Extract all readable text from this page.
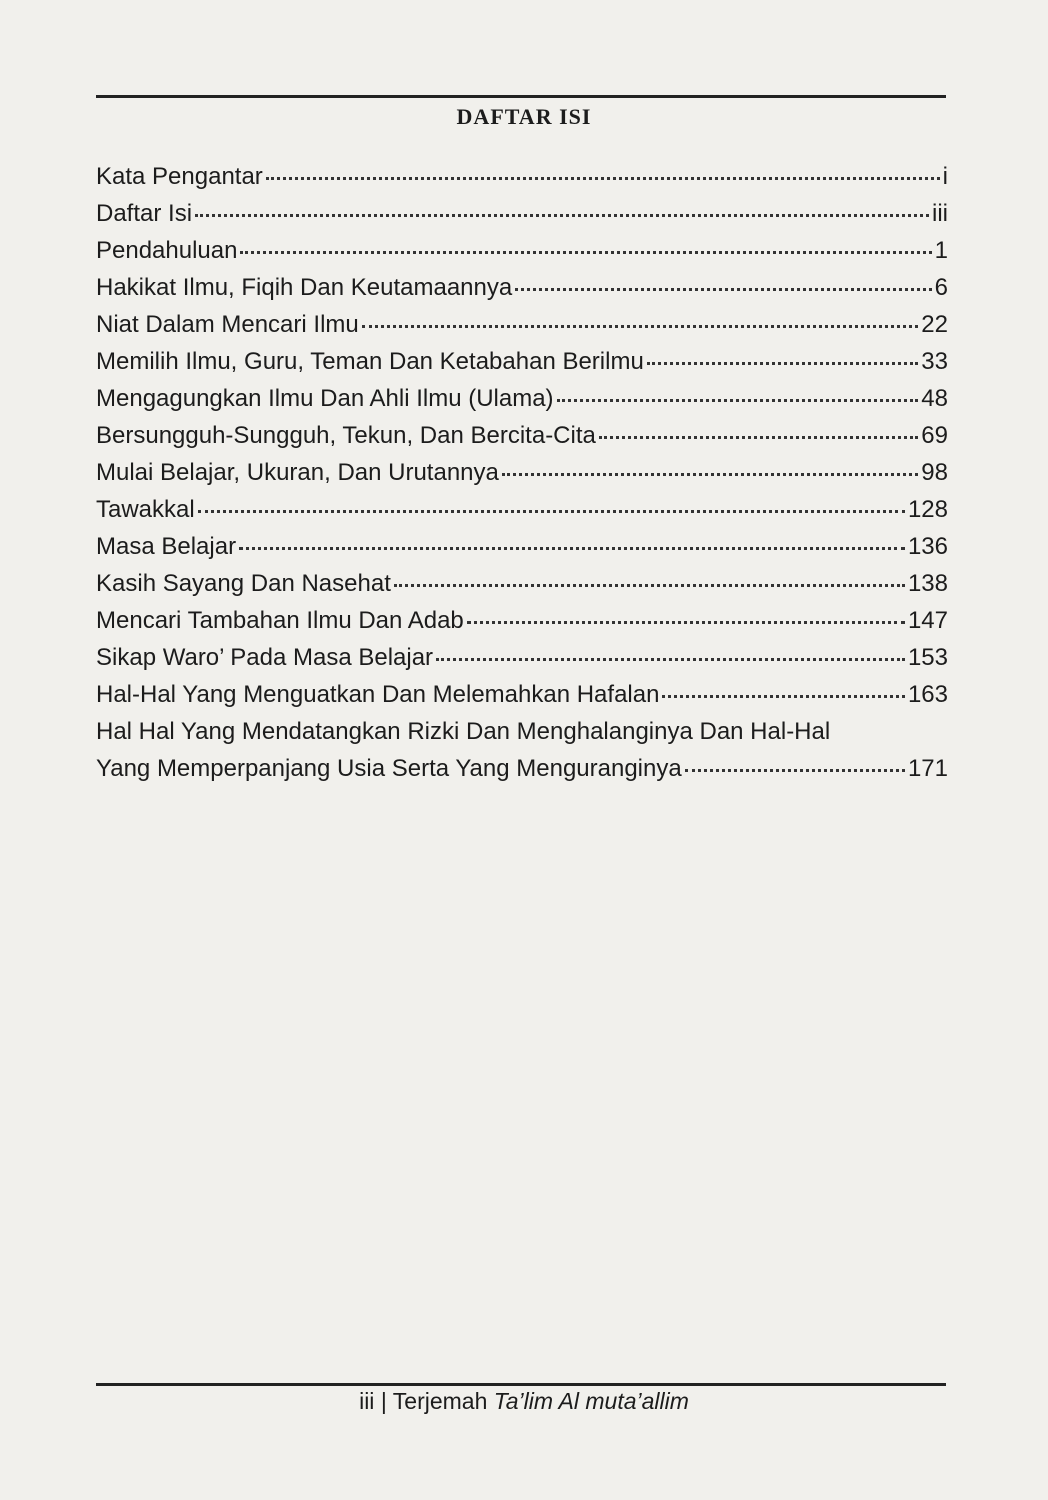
DAFTAR ISI
Kata Pengantar	i
Daftar Isi	iii
Pendahuluan	1
Hakikat Ilmu, Fiqih Dan Keutamaannya	6
Niat Dalam Mencari Ilmu	22
Memilih Ilmu, Guru, Teman Dan Ketabahan Berilmu	33
Mengagungkan Ilmu Dan Ahli Ilmu (Ulama)	48
Bersungguh-Sungguh, Tekun, Dan Bercita-Cita	69
Mulai Belajar, Ukuran, Dan Urutannya	98
Tawakkal	128
Masa Belajar	136
Kasih Sayang Dan Nasehat	138
Mencari Tambahan Ilmu Dan Adab	147
Sikap Waro’ Pada Masa Belajar	153
Hal-Hal Yang Menguatkan Dan Melemahkan Hafalan	163
Hal Hal Yang Mendatangkan Rizki Dan Menghalanginya Dan Hal-Hal
Yang Memperpanjang Usia Serta Yang Menguranginya	171
iii | Terjemah Ta’lim Al muta’allim
